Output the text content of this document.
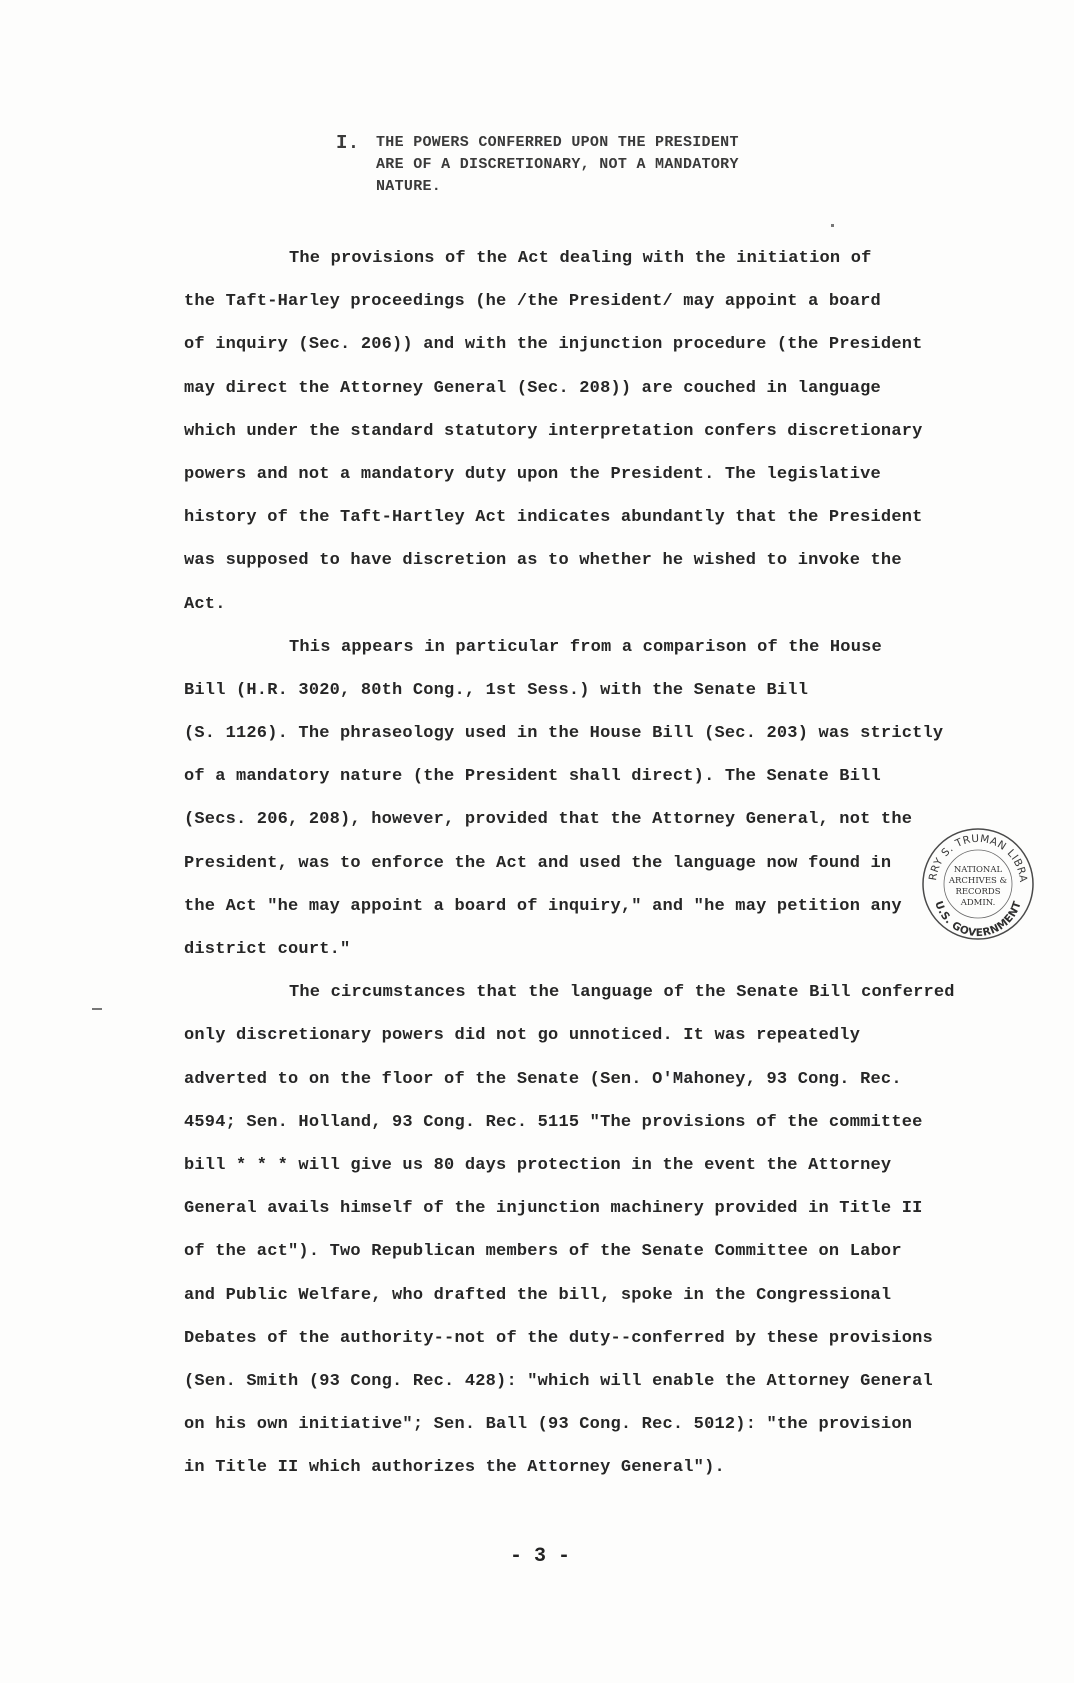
I.	THE POWERS CONFERRED UPON THE PRESIDENT
ARE OF A DISCRETIONARY, NOT A MANDATORY
NATURE.
The provisions of the Act dealing with the initiation of
the Taft-Harley proceedings (he /the President/ may appoint a board
of inquiry (Sec. 206)) and with the injunction procedure (the President
may direct the Attorney General (Sec. 208)) are couched in language
which under the standard statutory interpretation confers discretionary
powers and not a mandatory duty upon the President. The legislative
history of the Taft-Hartley Act indicates abundantly that the President
was supposed to have discretion as to whether he wished to invoke the
Act.
This appears in particular from a comparison of the House
Bill (H.R. 3020, 80th Cong., 1st Sess.) with the Senate Bill
(S. 1126). The phraseology used in the House Bill (Sec. 203) was strictly
of a mandatory nature (the President shall direct). The Senate Bill
(Secs. 206, 208), however, provided that the Attorney General, not the
President, was to enforce the Act and used the language now found in
the Act "he may appoint a board of inquiry," and "he may petition any
district court."
The circumstances that the language of the Senate Bill conferred
only discretionary powers did not go unnoticed. It was repeatedly
adverted to on the floor of the Senate (Sen. O'Mahoney, 93 Cong. Rec.
4594; Sen. Holland, 93 Cong. Rec. 5115 "The provisions of the committee
bill * * * will give us 80 days protection in the event the Attorney
General avails himself of the injunction machinery provided in Title II
of the act"). Two Republican members of the Senate Committee on Labor
and Public Welfare, who drafted the bill, spoke in the Congressional
Debates of the authority--not of the duty--conferred by these provisions
(Sen. Smith (93 Cong. Rec. 428): "which will enable the Attorney General
on his own initiative"; Sen. Ball (93 Cong. Rec. 5012): "the provision
in Title II which authorizes the Attorney General").
RRY S. TRUMAN LIBRA
U.S. GOVERNMENT
NATIONAL
ARCHIVES &
RECORDS
ADMIN.
- 3 -
